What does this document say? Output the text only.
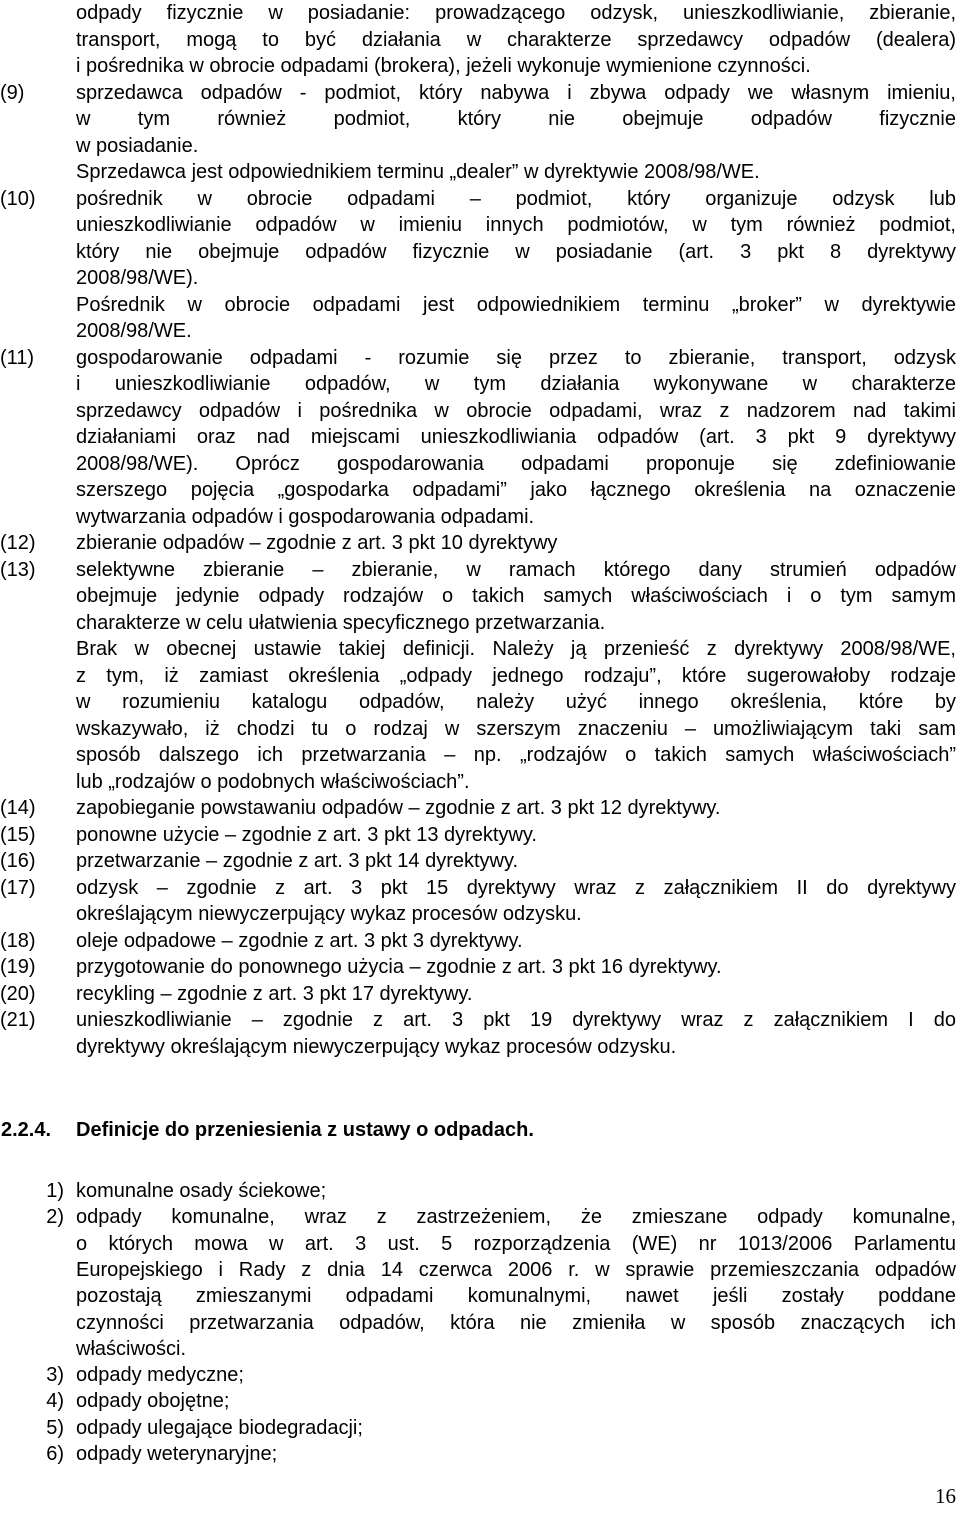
odpady fizycznie w posiadanie: prowadzącego odzysk, unieszkodliwianie, zbieranie,
transport, mogą to być działania w charakterze sprzedawcy odpadów (dealera)
i pośrednika w obrocie odpadami (brokera), jeżeli wykonuje wymienione czynności.
(9)	sprzedawca odpadów - podmiot, który nabywa i zbywa odpady we własnym imieniu,
w tym również podmiot, który nie obejmuje odpadów fizycznie
w posiadanie.
Sprzedawca jest odpowiednikiem terminu „dealer” w dyrektywie 2008/98/WE.
(10)	pośrednik w obrocie odpadami – podmiot, który organizuje odzysk lub
unieszkodliwianie odpadów w imieniu innych podmiotów, w tym również podmiot,
który nie obejmuje odpadów fizycznie w posiadanie (art. 3 pkt 8 dyrektywy
2008/98/WE).
Pośrednik w obrocie odpadami jest odpowiednikiem terminu „broker” w dyrektywie
2008/98/WE.
(11)	gospodarowanie odpadami - rozumie się przez to zbieranie, transport, odzysk
i unieszkodliwianie odpadów, w tym działania wykonywane w charakterze
sprzedawcy odpadów i pośrednika w obrocie odpadami, wraz z nadzorem nad takimi
działaniami oraz nad miejscami unieszkodliwiania odpadów (art. 3 pkt 9 dyrektywy
2008/98/WE). Oprócz gospodarowania odpadami proponuje się zdefiniowanie
szerszego pojęcia „gospodarka odpadami” jako łącznego określenia na oznaczenie
wytwarzania odpadów i gospodarowania odpadami.
(12)	zbieranie odpadów – zgodnie z art. 3 pkt 10 dyrektywy
(13)	selektywne zbieranie – zbieranie, w ramach którego dany strumień odpadów
obejmuje jedynie odpady rodzajów o takich samych właściwościach i o tym samym
charakterze w celu ułatwienia specyficznego przetwarzania.
Brak w obecnej ustawie takiej definicji. Należy ją przenieść z dyrektywy 2008/98/WE,
z tym, iż zamiast określenia „odpady jednego rodzaju”, które sugerowałoby rodzaje
w rozumieniu katalogu odpadów, należy użyć innego określenia, które by
wskazywało, iż chodzi tu o rodzaj w szerszym znaczeniu – umożliwiającym taki sam
sposób dalszego ich przetwarzania – np. „rodzajów o takich samych właściwościach”
lub „rodzajów o podobnych właściwościach”.
(14)	zapobieganie powstawaniu odpadów – zgodnie z art. 3 pkt 12 dyrektywy.
(15)	ponowne użycie – zgodnie z art. 3 pkt 13 dyrektywy.
(16)	przetwarzanie – zgodnie z art. 3 pkt 14 dyrektywy.
(17)	odzysk – zgodnie z art. 3 pkt 15 dyrektywy wraz z załącznikiem II do dyrektywy
określającym niewyczerpujący wykaz procesów odzysku.
(18)	oleje odpadowe – zgodnie z art. 3 pkt 3 dyrektywy.
(19)	przygotowanie do ponownego użycia – zgodnie z art. 3 pkt 16 dyrektywy.
(20)	recykling – zgodnie z art. 3 pkt 17 dyrektywy.
(21)	unieszkodliwianie – zgodnie z art. 3 pkt 19 dyrektywy wraz z załącznikiem I do
dyrektywy określającym niewyczerpujący wykaz procesów odzysku.
2.2.4. Definicje do przeniesienia z ustawy o odpadach.
1) komunalne osady ściekowe;
2) odpady komunalne, wraz z zastrzeżeniem, że zmieszane odpady komunalne,
o których mowa w art. 3 ust. 5 rozporządzenia (WE) nr 1013/2006 Parlamentu
Europejskiego i Rady z dnia 14 czerwca 2006 r. w sprawie przemieszczania odpadów
pozostają zmieszanymi odpadami komunalnymi, nawet jeśli zostały poddane
czynności przetwarzania odpadów, która nie zmieniła w sposób znaczących ich
właściwości.
3) odpady medyczne;
4) odpady obojętne;
5) odpady ulegające biodegradacji;
6) odpady weterynaryjne;
16
